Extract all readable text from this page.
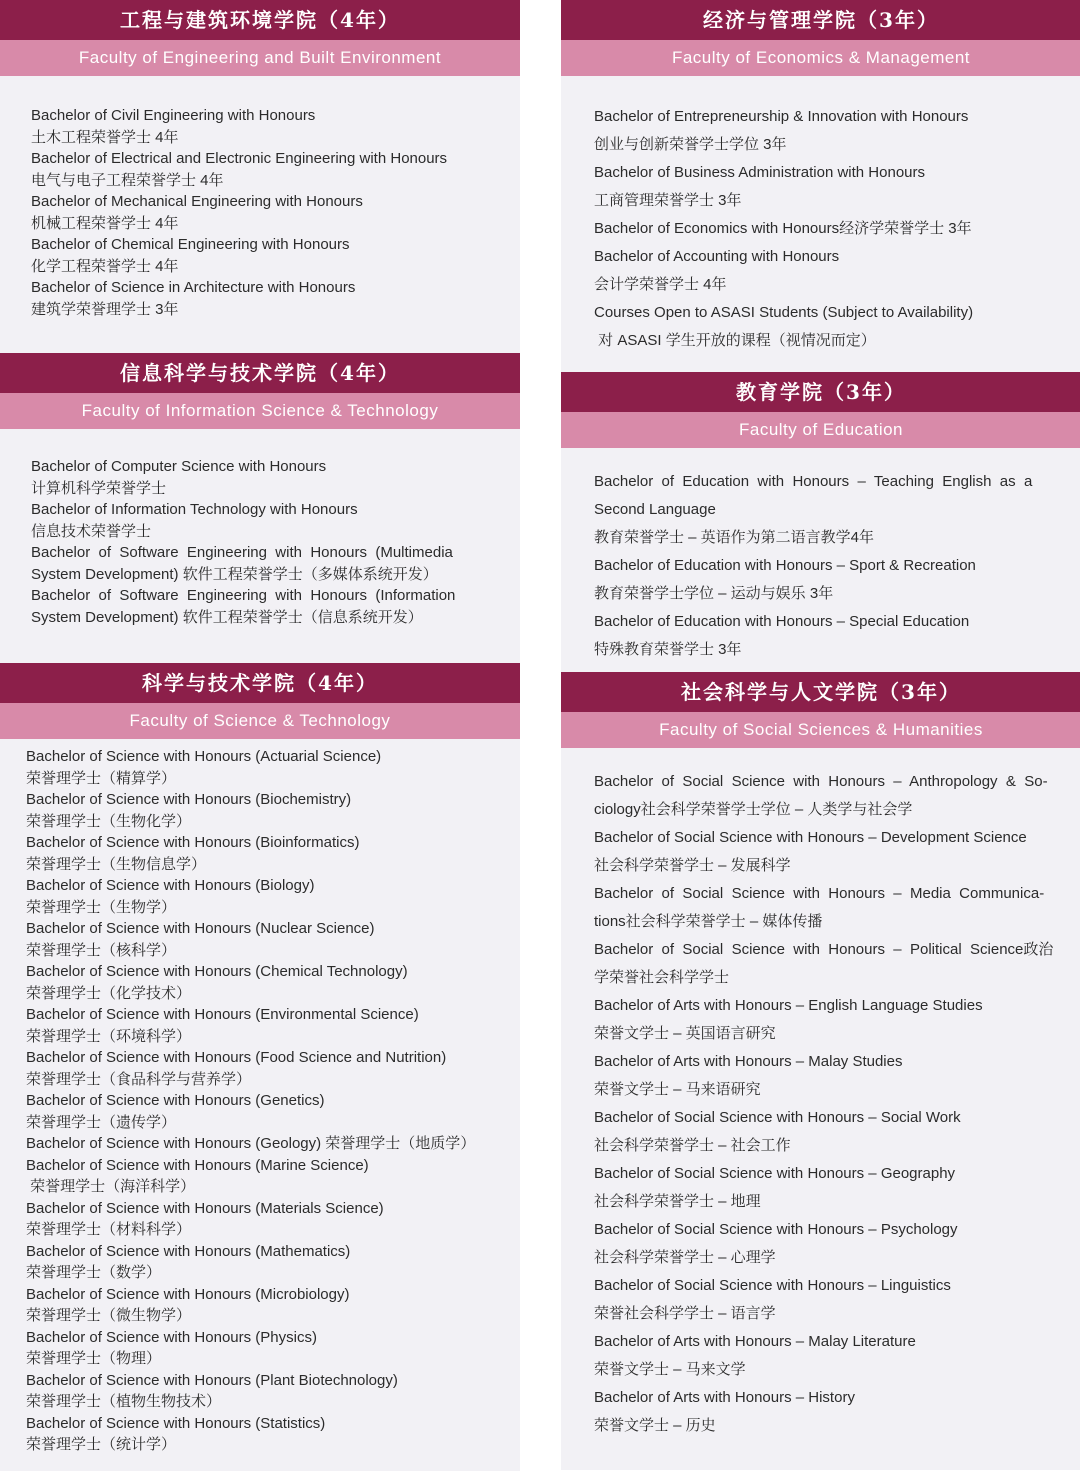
工程与建筑环境学院（4年）
Faculty of Engineering and Built Environment
Bachelor of Civil Engineering with Honours
土木工程荣誉学士 4年
Bachelor of Electrical and Electronic Engineering with Honours
电气与电子工程荣誉学士 4年
Bachelor of Mechanical Engineering with Honours
机械工程荣誉学士 4年
Bachelor of Chemical Engineering with Honours
化学工程荣誉学士 4年
Bachelor of Science in Architecture with Honours
建筑学荣誉理学士 3年
信息科学与技术学院（4年）
Faculty of Information Science & Technology
Bachelor of Computer Science with Honours
计算机科学荣誉学士
Bachelor of Information Technology with Honours
信息技术荣誉学士
Bachelor  of  Software  Engineering  with  Honours  (Multimedia
System Development) 软件工程荣誉学士（多媒体系统开发）
Bachelor  of  Software  Engineering  with  Honours  (Information
System Development) 软件工程荣誉学士（信息系统开发）
科学与技术学院（4年）
Faculty of Science & Technology
Bachelor of Science with Honours (Actuarial Science)
荣誉理学士（精算学）
Bachelor of Science with Honours (Biochemistry)
荣誉理学士（生物化学）
Bachelor of Science with Honours (Bioinformatics)
荣誉理学士（生物信息学）
Bachelor of Science with Honours (Biology)
荣誉理学士（生物学）
Bachelor of Science with Honours (Nuclear Science)
荣誉理学士（核科学）
Bachelor of Science with Honours (Chemical Technology)
荣誉理学士（化学技术）
Bachelor of Science with Honours (Environmental Science)
荣誉理学士（环境科学）
Bachelor of Science with Honours (Food Science and Nutrition)
荣誉理学士（食品科学与营养学）
Bachelor of Science with Honours (Genetics)
荣誉理学士（遗传学）
Bachelor of Science with Honours (Geology) 荣誉理学士（地质学）
Bachelor of Science with Honours (Marine Science)
荣誉理学士（海洋科学）
Bachelor of Science with Honours (Materials Science)
荣誉理学士（材料科学）
Bachelor of Science with Honours (Mathematics)
荣誉理学士（数学）
Bachelor of Science with Honours (Microbiology)
荣誉理学士（微生物学）
Bachelor of Science with Honours (Physics)
荣誉理学士（物理）
Bachelor of Science with Honours (Plant Biotechnology)
荣誉理学士（植物生物技术）
Bachelor of Science with Honours (Statistics)
荣誉理学士（统计学）
经济与管理学院（3年）
Faculty of Economics & Management
Bachelor of Entrepreneurship & Innovation with Honours
创业与创新荣誉学士学位 3年
Bachelor of Business Administration with Honours
工商管理荣誉学士 3年
Bachelor of Economics with Honours经济学荣誉学士 3年
Bachelor of Accounting with Honours
会计学荣誉学士 4年
Courses Open to ASASI Students (Subject to Availability)
对 ASASI 学生开放的课程（视情况而定）
教育学院（3年）
Faculty of Education
Bachelor  of  Education  with  Honours  –  Teaching  English  as  a
Second Language
教育荣誉学士 – 英语作为第二语言教学4年
Bachelor of Education with Honours – Sport & Recreation
教育荣誉学士学位 – 运动与娱乐 3年
Bachelor of Education with Honours – Special Education
特殊教育荣誉学士 3年
社会科学与人文学院（3年）
Faculty of Social Sciences & Humanities
Bachelor  of  Social  Science  with  Honours  –  Anthropology  &  So-
ciology社会科学荣誉学士学位 – 人类学与社会学
Bachelor of Social Science with Honours – Development Science
社会科学荣誉学士 – 发展科学
Bachelor  of  Social  Science  with  Honours  –  Media  Communica-
tions社会科学荣誉学士 – 媒体传播
Bachelor  of  Social  Science  with  Honours  –  Political  Science政治
学荣誉社会科学学士
Bachelor of Arts with Honours – English Language Studies
荣誉文学士 – 英国语言研究
Bachelor of Arts with Honours – Malay Studies
荣誉文学士 – 马来语研究
Bachelor of Social Science with Honours – Social Work
社会科学荣誉学士 – 社会工作
Bachelor of Social Science with Honours – Geography
社会科学荣誉学士 – 地理
Bachelor of Social Science with Honours – Psychology
社会科学荣誉学士 – 心理学
Bachelor of Social Science with Honours – Linguistics
荣誉社会科学学士 – 语言学
Bachelor of Arts with Honours – Malay Literature
荣誉文学士 – 马来文学
Bachelor of Arts with Honours – History
荣誉文学士 – 历史
